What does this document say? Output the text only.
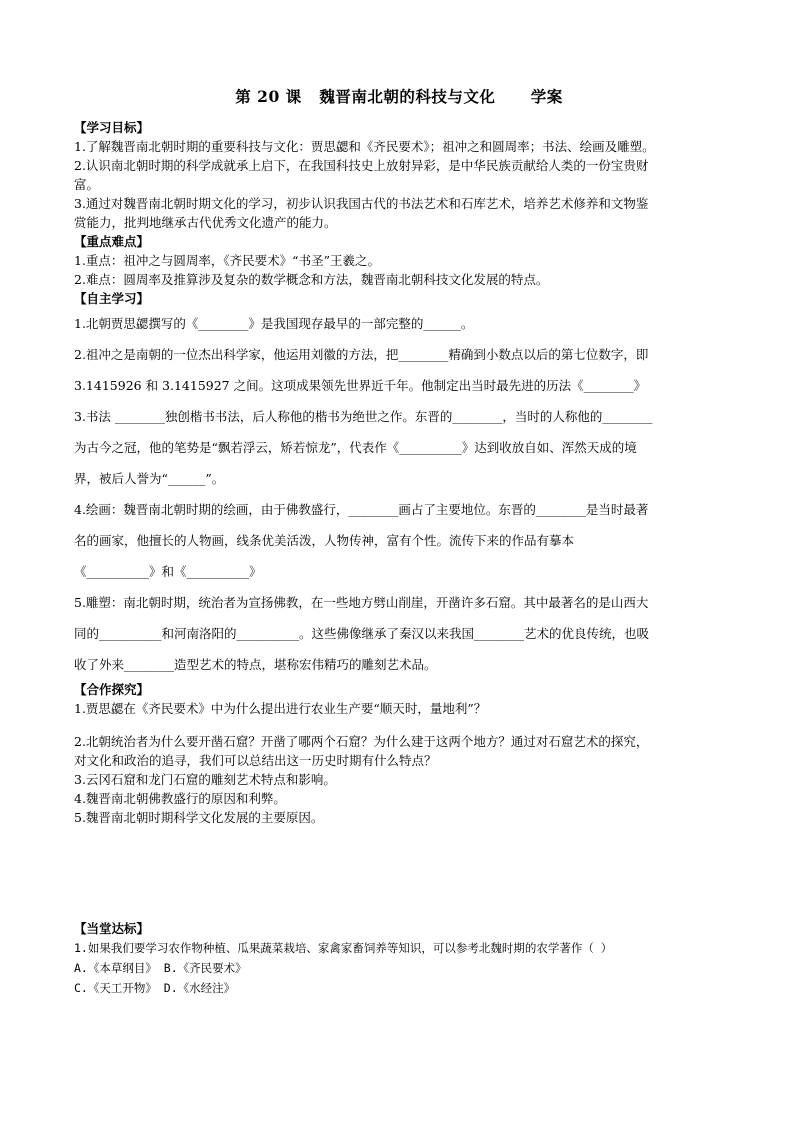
第 20 课   魏晋南北朝的科技与文化      学案
【学习目标】
1.了解魏晋南北朝时期的重要科技与文化：贾思勰和《齐民要术》；祖冲之和圆周率；书法、绘画及雕塑。
2.认识南北朝时期的科学成就承上启下，在我国科技史上放射异彩，是中华民族贡献给人类的一份宝贵财
富。
3.通过对魏晋南北朝时期文化的学习，初步认识我国古代的书法艺术和石库艺术，培养艺术修养和文物鉴
赏能力，批判地继承古代优秀文化遗产的能力。
【重点难点】
1.重点：祖冲之与圆周率，《齐民要术》“书圣”王羲之。
2.难点：圆周率及推算涉及复杂的数学概念和方法，魏晋南北朝科技文化发展的特点。
【自主学习】
1.北朝贾思勰撰写的《________》是我国现存最早的一部完整的______。
2.祖冲之是南朝的一位杰出科学家，他运用刘徽的方法，把________精确到小数点以后的第七位数字，即
3.1415926 和 3.1415927 之间。这项成果领先世界近千年。他制定出当时最先进的历法《________》
3.书法 ________独创楷书书法，后人称他的楷书为绝世之作。东晋的________，当时的人称他的________
为古今之冠，他的笔势是“飘若浮云，矫若惊龙”，代表作《__________》达到收放自如、浑然天成的境
界，被后人誉为“______”。
4.绘画：魏晋南北朝时期的绘画，由于佛教盛行，________画占了主要地位。东晋的________是当时最著
名的画家，他擅长的人物画，线条优美活泼，人物传神，富有个性。流传下来的作品有摹本
《__________》和《__________》
5.雕塑：南北朝时期，统治者为宣扬佛教，在一些地方劈山削崖，开凿许多石窟。其中最著名的是山西大
同的__________和河南洛阳的__________。这些佛像继承了秦汉以来我国________艺术的优良传统，也吸
收了外来________造型艺术的特点，堪称宏伟精巧的雕刻艺术品。
【合作探究】
1.贾思勰在《齐民要术》中为什么提出进行农业生产要“顺天时，量地利”？
2.北朝统治者为什么要开凿石窟？开凿了哪两个石窟？为什么建于这两个地方？通过对石窟艺术的探究，
对文化和政治的追寻，我们可以总结出这一历史时期有什么特点？
3.云冈石窟和龙门石窟的雕刻艺术特点和影响。
4.魏晋南北朝佛教盛行的原因和利弊。
5.魏晋南北朝时期科学文化发展的主要原因。
【当堂达标】
1.如果我们要学习农作物种植、瓜果蔬菜栽培、家禽家畜饲养等知识，可以参考北魏时期的农学著作（ ）
A.《本草纲目》 B.《齐民要术》
C.《天工开物》 D.《水经注》
